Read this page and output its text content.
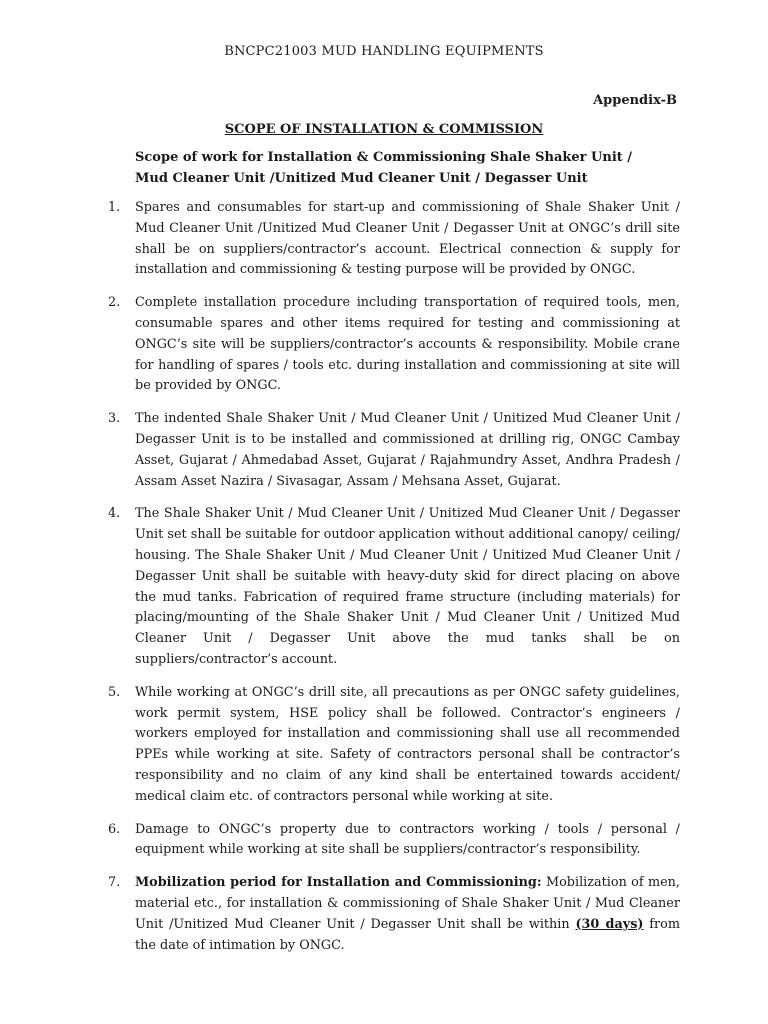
BNCPC21003 MUD HANDLING EQUIPMENTS
Appendix-B
SCOPE OF INSTALLATION & COMMISSION
Scope of work for Installation & Commissioning Shale Shaker Unit / Mud Cleaner Unit /Unitized Mud Cleaner Unit / Degasser Unit
1. Spares and consumables for start-up and commissioning of Shale Shaker Unit / Mud Cleaner Unit /Unitized Mud Cleaner Unit / Degasser Unit at ONGC’s drill site shall be on suppliers/contractor’s account. Electrical connection & supply for installation and commissioning & testing purpose will be provided by ONGC.
2. Complete installation procedure including transportation of required tools, men, consumable spares and other items required for testing and commissioning at ONGC’s site will be suppliers/contractor’s accounts & responsibility. Mobile crane for handling of spares / tools etc. during installation and commissioning at site will be provided by ONGC.
3. The indented Shale Shaker Unit / Mud Cleaner Unit / Unitized Mud Cleaner Unit / Degasser Unit is to be installed and commissioned at drilling rig, ONGC Cambay Asset, Gujarat / Ahmedabad Asset, Gujarat / Rajahmundry Asset, Andhra Pradesh / Assam Asset Nazira / Sivasagar, Assam / Mehsana Asset, Gujarat.
4. The Shale Shaker Unit / Mud Cleaner Unit / Unitized Mud Cleaner Unit / Degasser Unit set shall be suitable for outdoor application without additional canopy/ ceiling/ housing. The Shale Shaker Unit / Mud Cleaner Unit / Unitized Mud Cleaner Unit / Degasser Unit shall be suitable with heavy-duty skid for direct placing on above the mud tanks. Fabrication of required frame structure (including materials) for placing/mounting of the Shale Shaker Unit / Mud Cleaner Unit / Unitized Mud Cleaner Unit / Degasser Unit above the mud tanks shall be on suppliers/contractor’s account.
5. While working at ONGC’s drill site, all precautions as per ONGC safety guidelines, work permit system, HSE policy shall be followed. Contractor’s engineers / workers employed for installation and commissioning shall use all recommended PPEs while working at site. Safety of contractors personal shall be contractor’s responsibility and no claim of any kind shall be entertained towards accident/ medical claim etc. of contractors personal while working at site.
6. Damage to ONGC’s property due to contractors working / tools / personal / equipment while working at site shall be suppliers/contractor’s responsibility.
7. Mobilization period for Installation and Commissioning: Mobilization of men, material etc., for installation & commissioning of Shale Shaker Unit / Mud Cleaner Unit /Unitized Mud Cleaner Unit / Degasser Unit shall be within (30 days) from the date of intimation by ONGC.
